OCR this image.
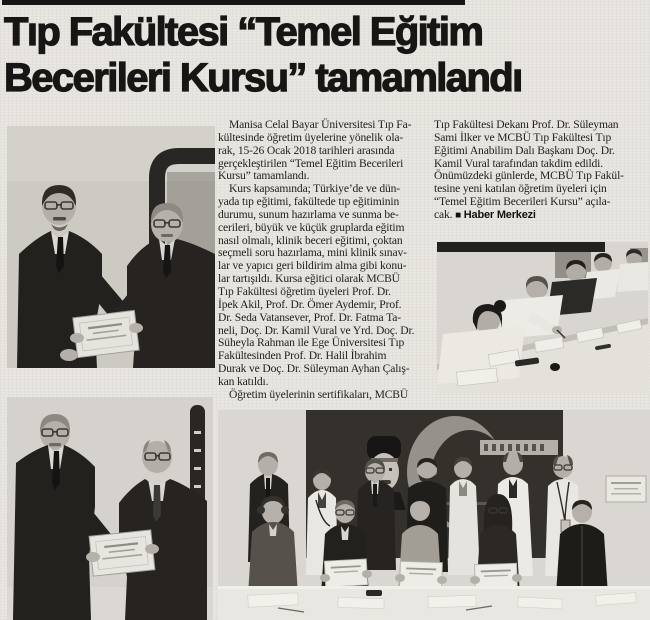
Tıp Fakültesi “Temel Eğitim
Becerileri Kursu” tamamlandı
Manisa Celal Bayar Üniversitesi Tıp Fa-
kültesinde öğretim üyelerine yönelik ola-
rak, 15-26 Ocak 2018 tarihleri arasında
gerçekleştirilen “Temel Eğitim Becerileri
Kursu” tamamlandı.
Kurs kapsamında; Türkiye’de ve dün-
yada tıp eğitimi, fakültede tıp eğitiminin
durumu, sunum hazırlama ve sunma be-
cerileri, büyük ve küçük gruplarda eğitim
nasıl olmalı, klinik beceri eğitimi, çoktan
seçmeli soru hazırlama, mini klinik sınav-
lar ve yapıcı geri bildirim alma gibi konu-
lar tartışıldı. Kursa eğitici olarak MCBÜ
Tıp Fakültesi öğretim üyeleri Prof. Dr.
İpek Akil, Prof. Dr. Ömer Aydemir, Prof.
Dr. Seda Vatansever, Prof. Dr. Fatma Ta-
neli, Doç. Dr. Kamil Vural ve Yrd. Doç. Dr.
Süheyla Rahman ile Ege Üniversitesi Tıp
Fakültesinden Prof. Dr. Halil İbrahim
Durak ve Doç. Dr. Süleyman Ayhan Çalış-
kan katıldı.
Öğretim üyelerinin sertifikaları, MCBÜ
Tıp Fakültesi Dekanı Prof. Dr. Süleyman
Sami İlker ve MCBÜ Tıp Fakültesi Tıp
Eğitimi Anabilim Dalı Başkanı Doç. Dr.
Kamil Vural tarafından takdim edildi.
Önümüzdeki günlerde, MCBÜ Tıp Fakül-
tesine yeni katılan öğretim üyeleri için
“Temel Eğitim Becerileri Kursu” açıla-
cak. ■ Haber Merkezi
